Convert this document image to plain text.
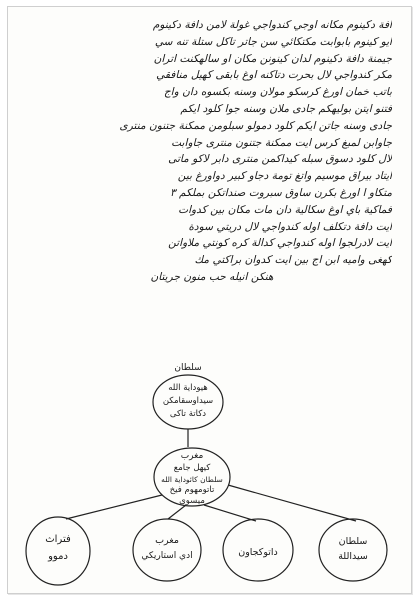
افة دكينوم مكانه اوجي كندواجي غولة لامن دافة دكينوم
ايو كينوم بابوابت مكتكائي سن جاتر تاكل ستلة تنه سي
جيمنة دافة دكينوم لدان كينونن مكان او سالهكنت اتران
مكر كندواجي لال بحرت دتاكنه اوغ بابقى كهيل منافقي
باتب خمان اورغ كرسكو مولان وسنه بكسوه دان واج
فتنو ايتن بوليهكم جادى ملان وسنه جوا كلود ايكم
جادى وسنه جاتن ايكم كلود دمولو سبلومن ممكنة جتنون منترى
جاوابن لمبغ كرس ايت ممكنة جتنون منترى جاوابت
لال كلود دسوق سبله كيداكمن منترى دابر لاكو ماتى
ايتاد بيراق موسيم واتغ تومة دجاو كبير دواورغ بين
متكاو ا اورغ بكرن ساوق سبروت صنداتكن بملكم ٣
فماكية باي اوغ سكالية دان مات مكان بين كدوات
ايت دافة دتكلف اوله كندواجي لال دريتي سودة
ايت لادرلجوا اوله كندواجي كدالة كره كونتي ملاواتن
كهغى واميه ابن اج بين ايت كدوان براكتي مك
هنكن انيله حب منون جريتان
سلطان
هيوداية الله
سيداوسقامكن
دكاتة تاكى
مغرب
كيهل جامع
سلطان كائوداية الله
تاتومهوم فيخ
ميسوى
فتراث
دموو
مغرب
ادي استاريكي	داتوكجاون
سلطان
سيداللة
